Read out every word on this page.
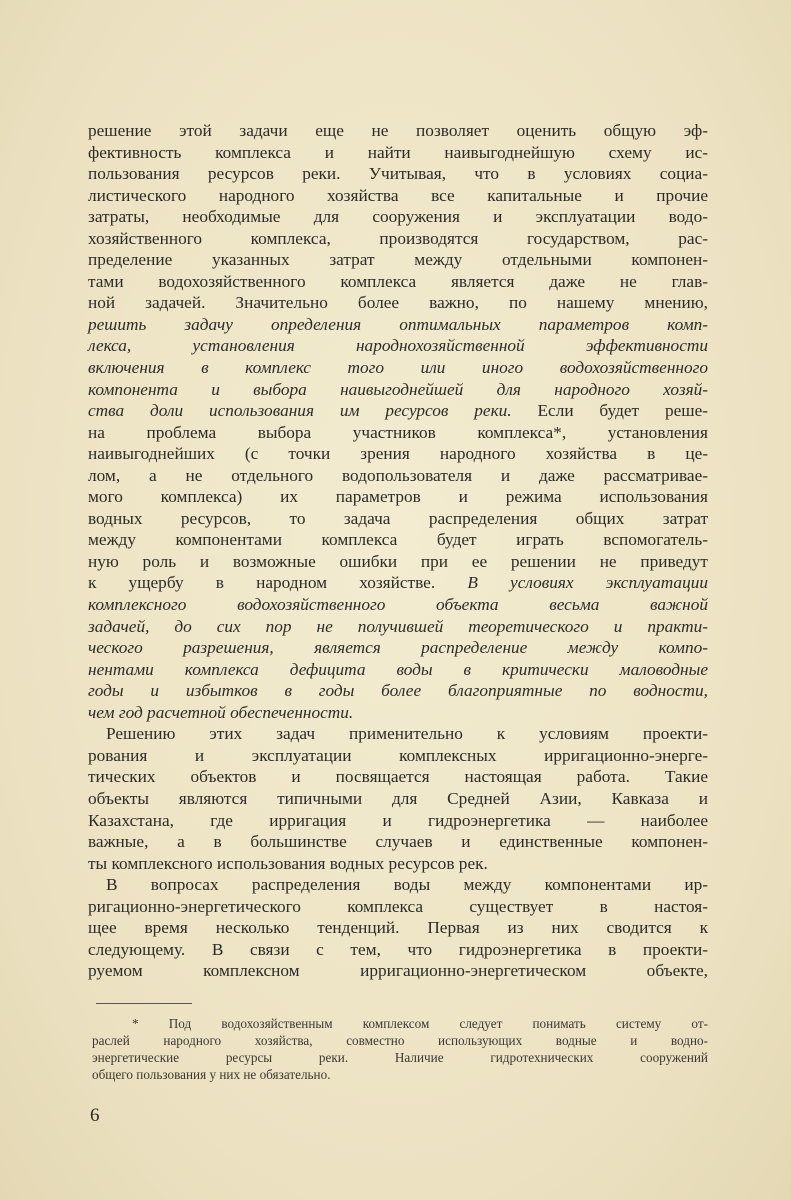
решение этой задачи еще не позволяет оценить общую эф-
фективность комплекса и найти наивыгоднейшую схему ис-
пользования ресурсов реки. Учитывая, что в условиях социа-
листического народного хозяйства все капитальные и прочие
затраты, необходимые для сооружения и эксплуатации водо-
хозяйственного комплекса, производятся государством, рас-
пределение указанных затрат между отдельными компонен-
тами водохозяйственного комплекса является даже не глав-
ной задачей. Значительно более важно, по нашему мнению,
решить задачу определения оптимальных параметров комп-
лекса, установления народнохозяйственной эффективности
включения в комплекс того или иного водохозяйственного
компонента и выбора наивыгоднейшей для народного хозяй-
ства доли использования им ресурсов реки. Если будет реше-
на проблема выбора участников комплекса*, установления
наивыгоднейших (с точки зрения народного хозяйства в це-
лом, а не отдельного водопользователя и даже рассматривае-
мого комплекса) их параметров и режима использования
водных ресурсов, то задача распределения общих затрат
между компонентами комплекса будет играть вспомогатель-
ную роль и возможные ошибки при ее решении не приведут
к ущербу в народном хозяйстве. В условиях эксплуатации
комплексного водохозяйственного объекта весьма важной
задачей, до сих пор не получившей теоретического и практи-
ческого разрешения, является распределение между компо-
нентами комплекса дефицита воды в критически маловодные
годы и избытков в годы более благоприятные по водности,
чем год расчетной обеспеченности.
Решению этих задач применительно к условиям проекти-
рования и эксплуатации комплексных ирригационно-энерге-
тических объектов и посвящается настоящая работа. Такие
объекты являются типичными для Средней Азии, Кавказа и
Казахстана, где ирригация и гидроэнергетика — наиболее
важные, а в большинстве случаев и единственные компонен-
ты комплексного использования водных ресурсов рек.
В вопросах распределения воды между компонентами ир-
ригационно-энергетического комплекса существует в настоя-
щее время несколько тенденций. Первая из них сводится к
следующему. В связи с тем, что гидроэнергетика в проекти-
руемом комплексном ирригационно-энергетическом объекте,
* Под водохозяйственным комплексом следует понимать систему от-
раслей народного хозяйства, совместно использующих водные и водно-
энергетические ресурсы реки. Наличие гидротехнических сооружений
общего пользования у них не обязательно.
6
